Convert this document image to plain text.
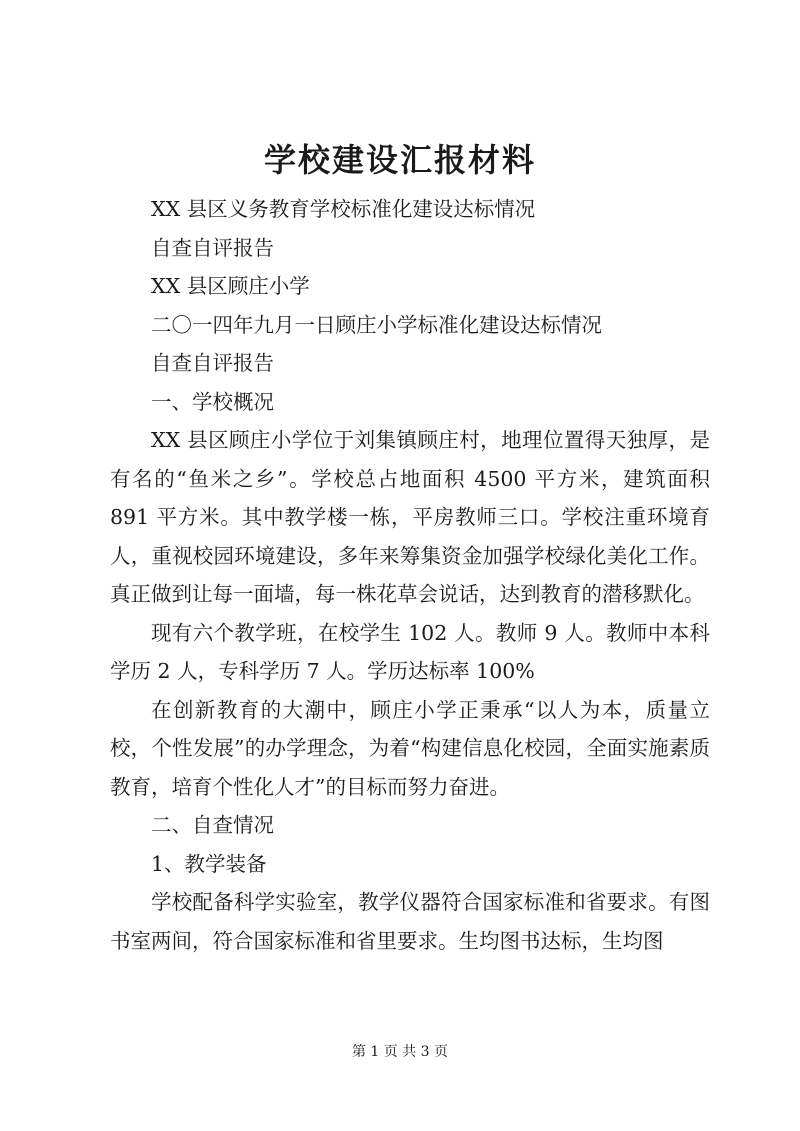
学校建设汇报材料

XX 县区义务教育学校标准化建设达标情况

自查自评报告

XX 县区顾庄小学

二〇一四年九月一日顾庄小学标准化建设达标情况

自查自评报告

一、学校概况

XX 县区顾庄小学位于刘集镇顾庄村，地理位置得天独厚，是有名的“鱼米之乡”。学校总占地面积 4500 平方米，建筑面积 891 平方米。其中教学楼一栋，平房教师三口。学校注重环境育人，重视校园环境建设，多年来筹集资金加强学校绿化美化工作。真正做到让每一面墙，每一株花草会说话，达到教育的潜移默化。

现有六个教学班，在校学生 102 人。教师 9 人。教师中本科学历 2 人，专科学历 7 人。学历达标率 100%

在创新教育的大潮中，顾庄小学正秉承“以人为本，质量立校，个性发展”的办学理念，为着“构建信息化校园，全面实施素质教育，培育个性化人才”的目标而努力奋进。

二、自查情况

1、教学装备

学校配备科学实验室，教学仪器符合国家标准和省要求。有图书室两间，符合国家标准和省里要求。生均图书达标，生均图

第 1 页 共 3 页
